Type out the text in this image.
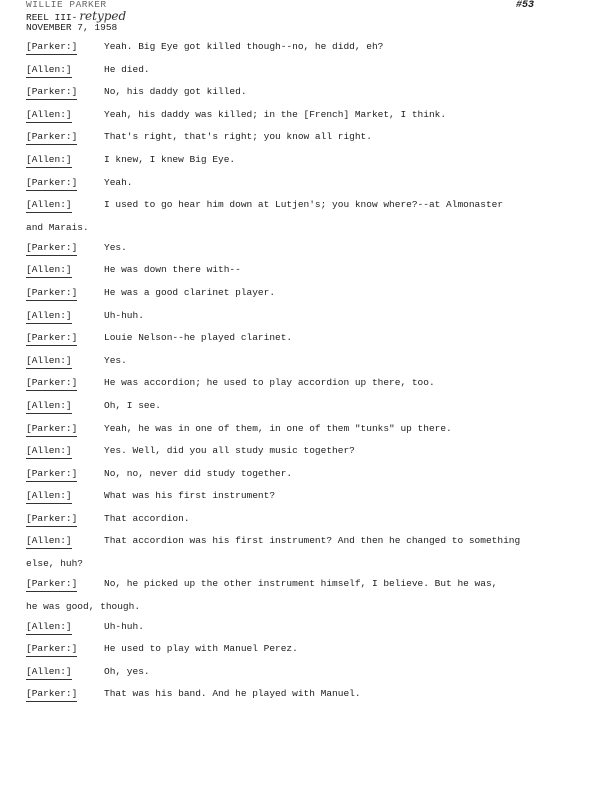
WILLIE PARKER
REEL III- retyped
NOVEMBER 7, 1958
#53
[Parker:]	Yeah. Big Eye got killed though--no, he didd, eh?
[Allen:]	He died.
[Parker:]	No, his daddy got killed.
[Allen:]	Yeah, his daddy was killed; in the [French] Market, I think.
[Parker:]	That's right, that's right; you know all right.
[Allen:]	I knew, I knew Big Eye.
[Parker:]	Yeah.
[Allen:]	I used to go hear him down at Lutjen's; you know where?--at Almonaster
and Marais.
[Parker:]	Yes.
[Allen:]	He was down there with--
[Parker:]	He was a good clarinet player.
[Allen:]	Uh-huh.
[Parker:]	Louie Nelson--he played clarinet.
[Allen:]	Yes.
[Parker:]	He was accordion; he used to play accordion up there, too.
[Allen:]	Oh, I see.
[Parker:]	Yeah, he was in one of them, in one of them "tunks" up there.
[Allen:]	Yes. Well, did you all study music together?
[Parker:]	No, no, never did study together.
[Allen:]	What was his first instrument?
[Parker:]	That accordion.
[Allen:]	That accordion was his first instrument? And then he changed to something
else, huh?
[Parker:]	No, he picked up the other instrument himself, I believe. But he was,
he was good, though.
[Allen:]	Uh-huh.
[Parker:]	He used to play with Manuel Perez.
[Allen:]	Oh, yes.
[Parker:]	That was his band. And he played with Manuel.
